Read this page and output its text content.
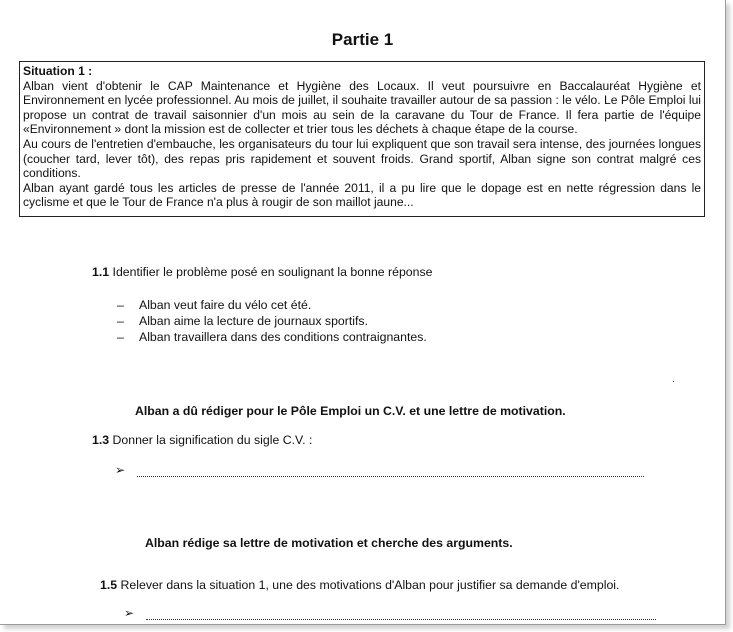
Partie 1

Situation 1 :

Alban vient d'obtenir le CAP Maintenance et Hygiène des Locaux. Il veut poursuivre en Baccalauréat Hygiène et Environnement en lycée professionnel. Au mois de juillet, il souhaite travailler autour de sa passion : le vélo. Le Pôle Emploi lui propose un contrat de travail saisonnier d'un mois au sein de la caravane du Tour de France. Il fera partie de l'équipe «Environnement » dont la mission est de collecter et trier tous les déchets à chaque étape de la course.

Au cours de l'entretien d'embauche, les organisateurs du tour lui expliquent que son travail sera intense, des journées longues (coucher tard, lever tôt), des repas pris rapidement et souvent froids. Grand sportif, Alban signe son contrat malgré ces conditions.

Alban ayant gardé tous les articles de presse de l'année 2011, il a pu lire que le dopage est en nette régression dans le cyclisme et que le Tour de France n'a plus à rougir de son maillot jaune...

1.1 Identifier le problème posé en soulignant la bonne réponse
– Alban veut faire du vélo cet été.
– Alban aime la lecture de journaux sportifs.
– Alban travaillera dans des conditions contraignantes.
.
Alban a dû rédiger pour le Pôle Emploi un C.V. et une lettre de motivation.
1.3 Donner la signification du sigle C.V. :
➢
Alban rédige sa lettre de motivation et cherche des arguments.
1.5 Relever dans la situation 1, une des motivations d'Alban pour justifier sa demande d'emploi.
➢
